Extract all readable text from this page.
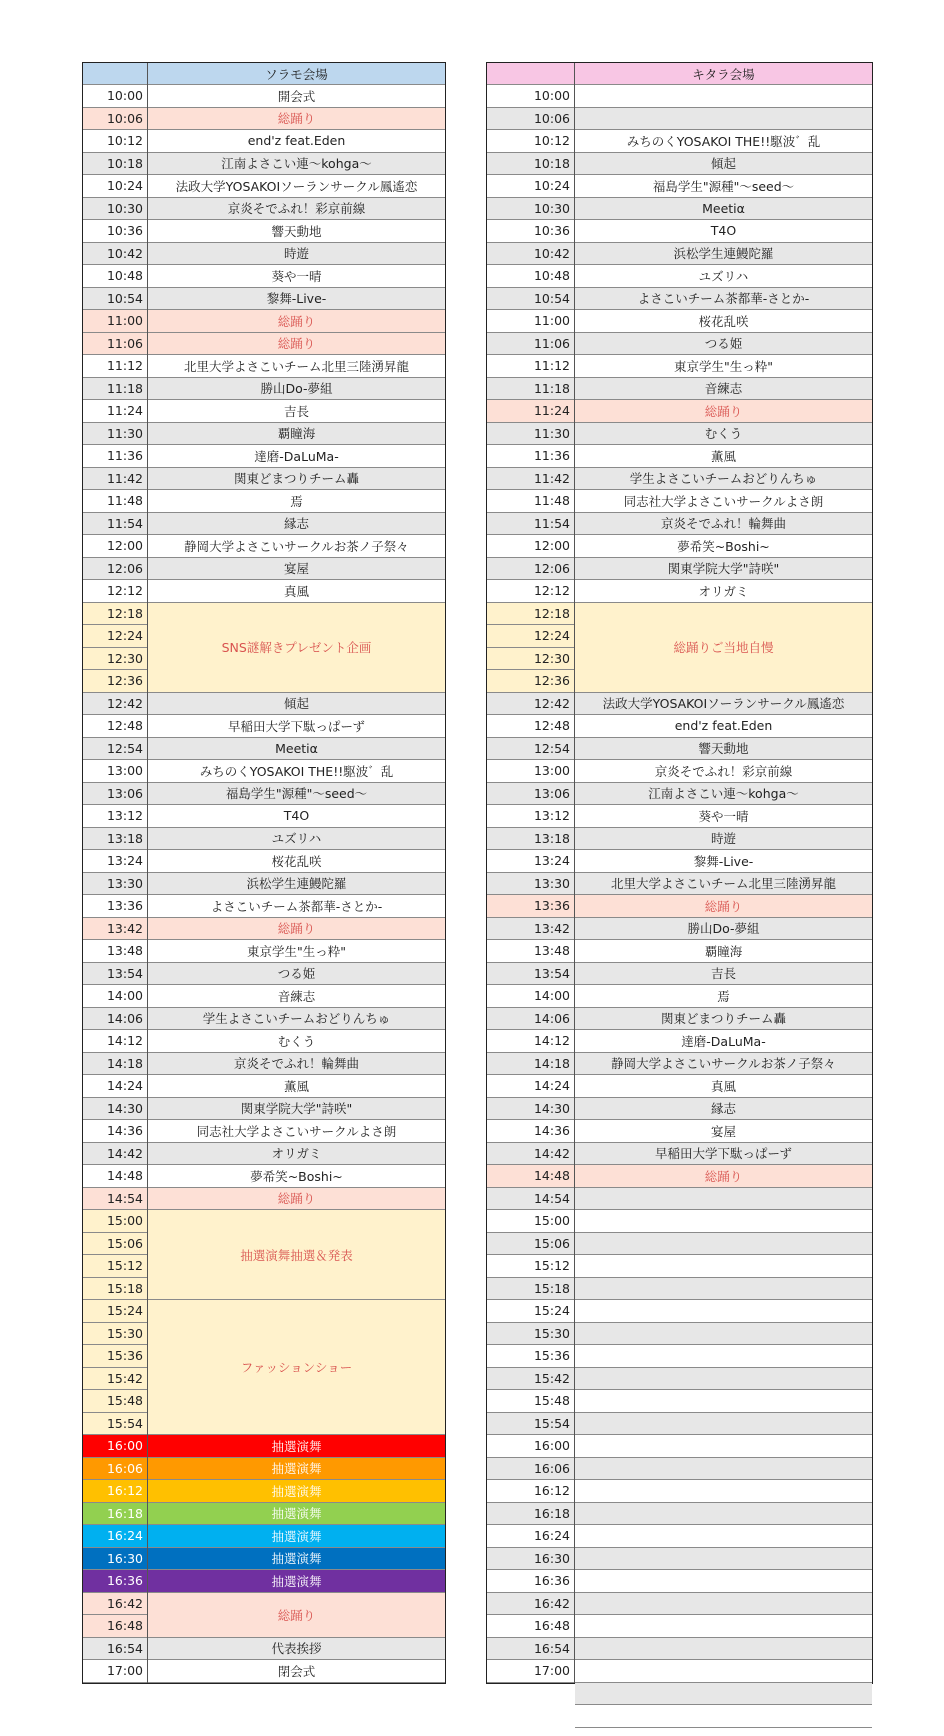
10:00
10:06
10:12
10:18
10:24
10:30
10:36
10:42
10:48
10:54
11:00
11:06
11:12
11:18
11:24
11:30
11:36
11:42
11:48
11:54
12:00
12:06
12:12
12:18
12:24
12:30
12:36
12:42
12:48
12:54
13:00
13:06
13:12
13:18
13:24
13:30
13:36
13:42
13:48
13:54
14:00
14:06
14:12
14:18
14:24
14:30
14:36
14:42
14:48
14:54
15:00
15:06
15:12
15:18
15:24
15:30
15:36
15:42
15:48
15:54
16:00
16:06
16:12
16:18
16:24
16:30
16:36
16:42
16:48
16:54
17:00
ソラモ会場
開会式
総踊り
end'z feat.Eden
江南よさこい連〜kohga〜
法政大学YOSAKOIソーランサークル鳳遙恋
京炎そでふれ！彩京前線
響天動地
時遊
葵や一晴
黎舞-Live-
総踊り
総踊り
北里大学よさこいチーム北里三陸湧昇龍
勝山Do-夢組
吉長
覇瞳海
達磨-DaLuMa-
関東どまつりチーム轟
焉
縁志
静岡大学よさこいサークルお茶ノ子祭々
宴屋
真風
SNS謎解きプレゼント企画
傾起
早稲田大学下駄っぱーず
Meetiα
みちのくYOSAKOI THE!!駆波゛乱
福島学生"源種"〜seed〜
T4O
ユズリハ
桜花乱咲
浜松学生連鰻陀羅
よさこいチーム茶都華-さとか-
総踊り
東京学生"生っ粋"
つる姫
音練志
学生よさこいチームおどりんちゅ
むくう
京炎そでふれ！輪舞曲
薫風
関東学院大学"詩咲"
同志社大学よさこいサークルよさ朗
オリガミ
夢希笑~Boshi~
総踊り
抽選演舞抽選＆発表
ファッションショー
抽選演舞
抽選演舞
抽選演舞
抽選演舞
抽選演舞
抽選演舞
抽選演舞
総踊り
代表挨拶
閉会式
10:00
10:06
10:12
10:18
10:24
10:30
10:36
10:42
10:48
10:54
11:00
11:06
11:12
11:18
11:24
11:30
11:36
11:42
11:48
11:54
12:00
12:06
12:12
12:18
12:24
12:30
12:36
12:42
12:48
12:54
13:00
13:06
13:12
13:18
13:24
13:30
13:36
13:42
13:48
13:54
14:00
14:06
14:12
14:18
14:24
14:30
14:36
14:42
14:48
14:54
15:00
15:06
15:12
15:18
15:24
15:30
15:36
15:42
15:48
15:54
16:00
16:06
16:12
16:18
16:24
16:30
16:36
16:42
16:48
16:54
17:00
キタラ会場
みちのくYOSAKOI THE!!駆波゛乱
傾起
福島学生"源種"〜seed〜
Meetiα
T4O
浜松学生連鰻陀羅
ユズリハ
よさこいチーム茶都華-さとか-
桜花乱咲
つる姫
東京学生"生っ粋"
音練志
総踊り
むくう
薫風
学生よさこいチームおどりんちゅ
同志社大学よさこいサークルよさ朗
京炎そでふれ！輪舞曲
夢希笑~Boshi~
関東学院大学"詩咲"
オリガミ
総踊りご当地自慢
法政大学YOSAKOIソーランサークル鳳遙恋
end'z feat.Eden
響天動地
京炎そでふれ！彩京前線
江南よさこい連〜kohga〜
葵や一晴
時遊
黎舞-Live-
北里大学よさこいチーム北里三陸湧昇龍
総踊り
勝山Do-夢組
覇瞳海
吉長
焉
関東どまつりチーム轟
達磨-DaLuMa-
静岡大学よさこいサークルお茶ノ子祭々
真風
縁志
宴屋
早稲田大学下駄っぱーず
総踊り
